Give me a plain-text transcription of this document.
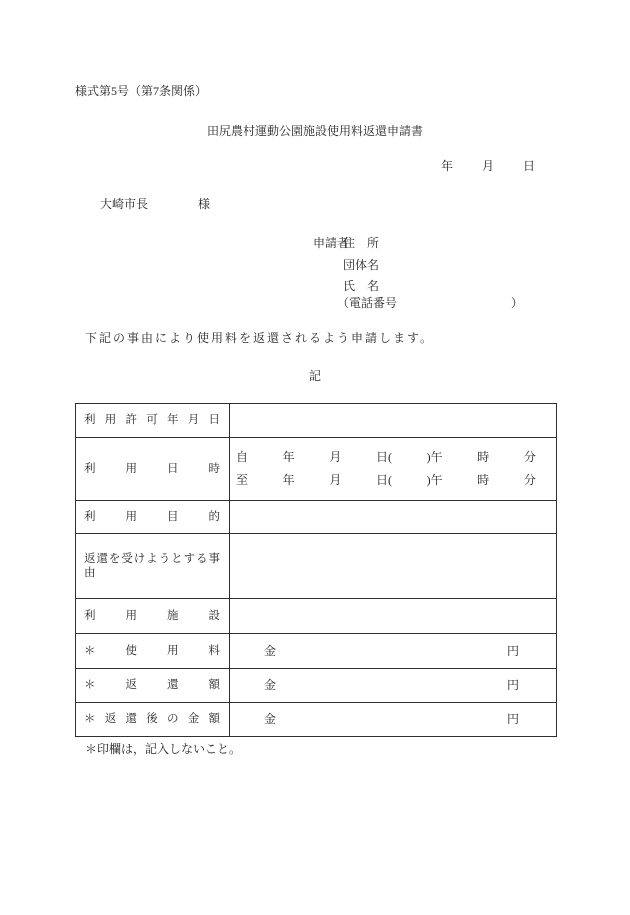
様式第5号（第7条関係）
田尻農村運動公園施設使用料返還申請書
年 月 日
大崎市長	様
申請者
住　所
団体名
氏　名
（電話番号	）
下記の事由により使用料を返還されるよう申請します。
記
利 用 許 可 年 月 日
利 用 日 時
自	年	月	日(	)午	時	分
至	年	月	日(	)午	時	分
利 用 目 的
返還を受けようとする事由
利 用 施 設
＊ 使 用 料	金	円
＊ 返 還 額	金	円
＊ 返 還 後 の 金 額	金	円
＊印欄は，記入しないこと。
